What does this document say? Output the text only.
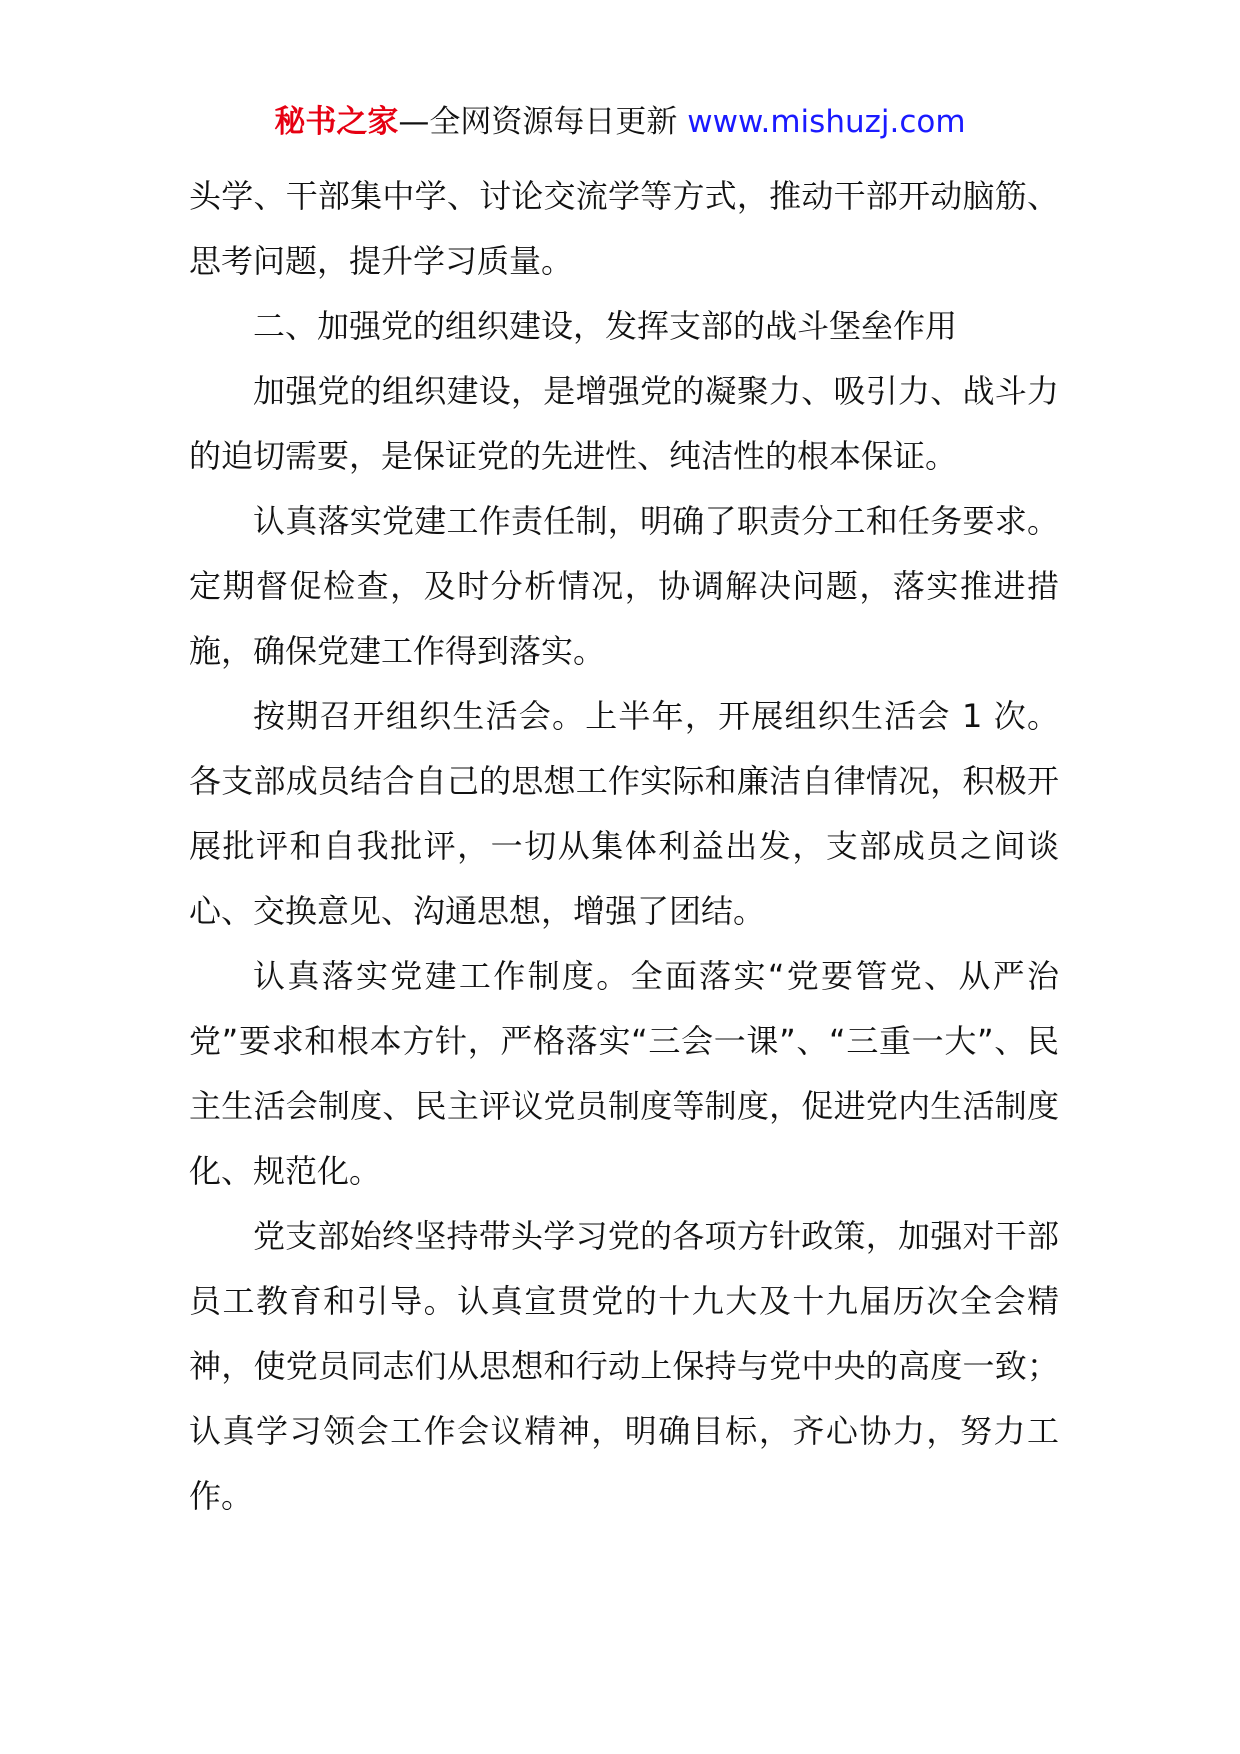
秘书之家—全网资源每日更新 www.mishuzj.com

头学、干部集中学、讨论交流学等方式，推动干部开动脑筋、思考问题，提升学习质量。

二、加强党的组织建设，发挥支部的战斗堡垒作用

加强党的组织建设，是增强党的凝聚力、吸引力、战斗力的迫切需要，是保证党的先进性、纯洁性的根本保证。

认真落实党建工作责任制，明确了职责分工和任务要求。定期督促检查，及时分析情况，协调解决问题，落实推进措施，确保党建工作得到落实。

按期召开组织生活会。上半年，开展组织生活会 1 次。各支部成员结合自己的思想工作实际和廉洁自律情况，积极开展批评和自我批评，一切从集体利益出发，支部成员之间谈心、交换意见、沟通思想，增强了团结。

认真落实党建工作制度。全面落实“党要管党、从严治党”要求和根本方针，严格落实“三会一课”、“三重一大”、民主生活会制度、民主评议党员制度等制度，促进党内生活制度化、规范化。

党支部始终坚持带头学习党的各项方针政策，加强对干部员工教育和引导。认真宣贯党的十九大及十九届历次全会精神，使党员同志们从思想和行动上保持与党中央的高度一致；认真学习领会工作会议精神，明确目标，齐心协力，努力工作。
